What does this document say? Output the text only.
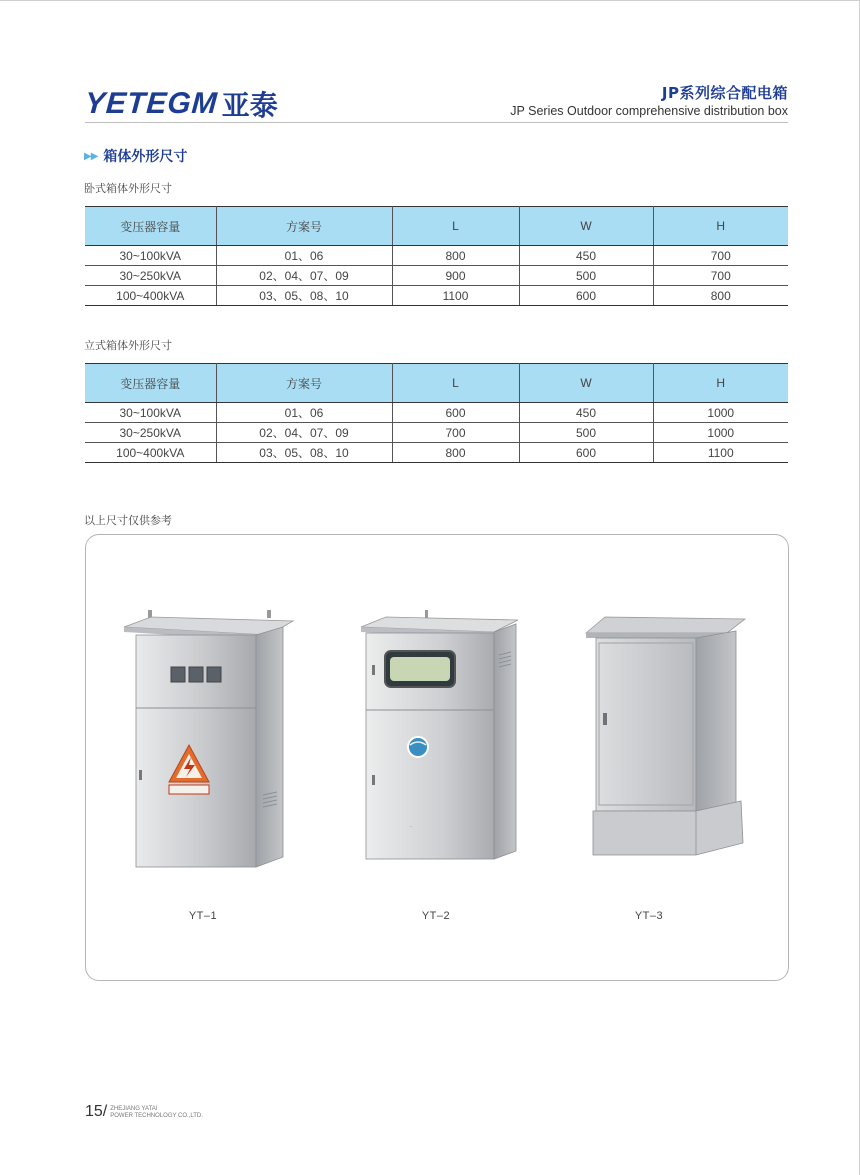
YETEGM 亚泰	JP系列综合配电箱
JP Series Outdoor comprehensive distribution box
▶▶ 箱体外形尺寸
卧式箱体外形尺寸
变压器容量	方案号	L	W	H
30~100kVA	01、06	800	450	700
30~250kVA	02、04、07、09	900	500	700
100~400kVA	03、05、08、10	1100	600	800
立式箱体外形尺寸
变压器容量	方案号	L	W	H
30~100kVA	01、06	600	450	1000
30~250kVA	02、04、07、09	700	500	1000
100~400kVA	03、05、08、10	800	600	1100
以上尺寸仅供参考
.
YT–1	YT–2	YT–3
15/ ZHEJIANG YATAI
POWER TECHNOLOGY CO.,LTD.
